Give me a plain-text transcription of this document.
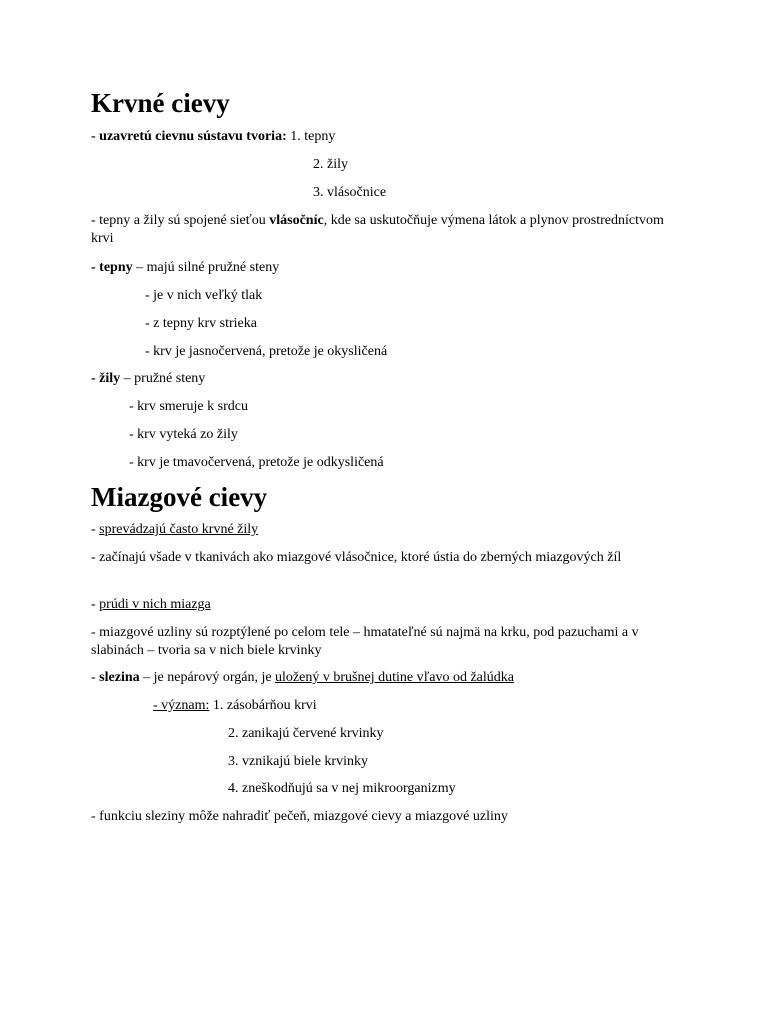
Krvné cievy
- uzavretú cievnu sústavu tvoria: 1. tepny
2. žily
3. vlásočnice
- tepny a žily sú spojené sieťou vlásočníc, kde sa uskutočňuje výmena látok a plynov prostredníctvom krvi
- tepny – majú silné pružné steny
- je v nich veľký tlak
- z tepny krv strieka
- krv je jasnočervená, pretože je okysličená
- žily – pružné steny
- krv smeruje k srdcu
- krv vyteká zo žily
- krv je tmavočervená, pretože je odkysličená
Miazgové cievy
- sprevádzajú často krvné žily
- začínajú všade v tkanivách ako miazgové vlásočnice, ktoré ústia do zberných miazgových žíl
- prúdi v nich miazga
- miazgové uzliny sú rozptýlené po celom tele – hmatateľné sú najmä na krku, pod pazuchami a v slabinách – tvoria sa v nich biele krvinky
- slezina – je nepárový orgán, je uložený v brušnej dutine vľavo od žalúdka
- význam: 1. zásobárňou krvi
2. zanikajú červené krvinky
3. vznikajú biele krvinky
4. zneškodňujú sa v nej mikroorganizmy
- funkciu sleziny môže nahradiť pečeň, miazgové cievy a miazgové uzliny
